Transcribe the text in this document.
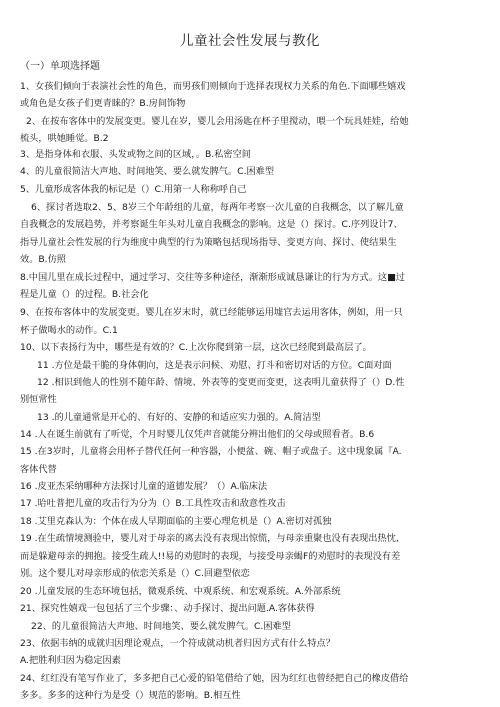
儿童社会性发展与教化
（一）单项选择题
1、女孩们倾向于表演社会性的角色，而男孩们则倾向于选择表现权力关系的角色.下面哪些嬉戏
或角色是女孩子们更青睐的？B.房间饰物
2、在按布客体中的发展变更。婴儿在岁，婴儿会用汤匙在杯子里搅动，喂一个玩具娃娃，给她
梳头，哄她睡觉。B.2
3、是指身体和衣服、头发或物之间的区域，。B.私密空间
4、的儿童很简洁大声地、时间地笑、要么就发脾气。C.困难型
5、儿童形成客体我的标记是（）C.用第一人称称呼自己
6、探讨者选取2、5、8岁三个年龄组的儿童，每两年考察一次儿童的自我概念，以了解儿童
自我概念的发展趋势，并考察诞生年头对儿童自我概念的影响。这是（）探讨。C.序列设计7、
指导儿童社会性发展的行为维度中典型的行为策略包括现场指导、变更方向、探讨、使结果生
效。B.仿照
8.中国儿里在成长过程中，通过学习、交往等多种途径，渐渐形成诚恳谦让的行为方式。这■过
程是儿童（）的过程。B.社会化
9、在按布客体中的发展变更。婴儿在岁末时，就已经能够运用墟官去运用客体，例如，用一只
杯子做喝水的动作。C.1
10、以下表扬行为中，哪些是有效的？C.上次你爬到第一层，这次已经爬到最高层了。
11 .方位是最干脆的身体朝向，这是表示问候、劝慰、打斗和密切对话的方位。C面对面
12 .相识到他人的性别不随年龄、情境、外表等的变更而变更，这表明儿童获得了（）D.性
别恒常性
13 .的儿童通常是开心的、有好的、安静的和适应实力强的。A.简洁型
14 .人在诞生前就有了听觉，个月时婴儿仅凭声音就能分辨出他们的父母或照看者。B.6
15 .在3岁时，儿童将会用杯子替代任何一种容器，小便盆、碗、帽子或盘子。这中现象属『A.
客体代替
16 .皮亚杰采纳哪种方法探讨儿童的道德发展？（）A.临床法
17 .哈吐普把儿童的攻击行为分为（）B.工具性攻击和敌意性攻击
18 .艾里克森认为：个体在成人早期面临的主要心理危机是（）A.密切对孤独
19 .在生疏情境测验中，婴儿对于母亲的离去没有表现出惊慌，与母亲重聚也没有表现出热忱,
而是躲避母亲的拥抱。接受生疏人!!易的劝慰时的表现，与接受母亲蝎F的劝慰时的表现没有差
别。这个婴儿对母亲形成的依恋关系是（）C.回避型依恋
20 .儿童发展的生态环境包括，微观系统、中观系统、和宏观系统。A.外部系统
21、探究性嬉戏一包包括了三个步骤：、动手探讨、提出问题.A.客体获得
22、的儿童很简洁大声地、时间地笑、要么就发脾气。C.困难型
23、依据韦纳的成就归因理论观点，一个符成就动机者归因方式有什么特点？
A.把胜利归因为稳定因素
24、红红没有笔写作业了，多多把自己心爱的铅笔借给了她，因为红红也曾经把自己的橡皮借给
多多。多多的这种行为是受（）规范的影响。B.相互性
